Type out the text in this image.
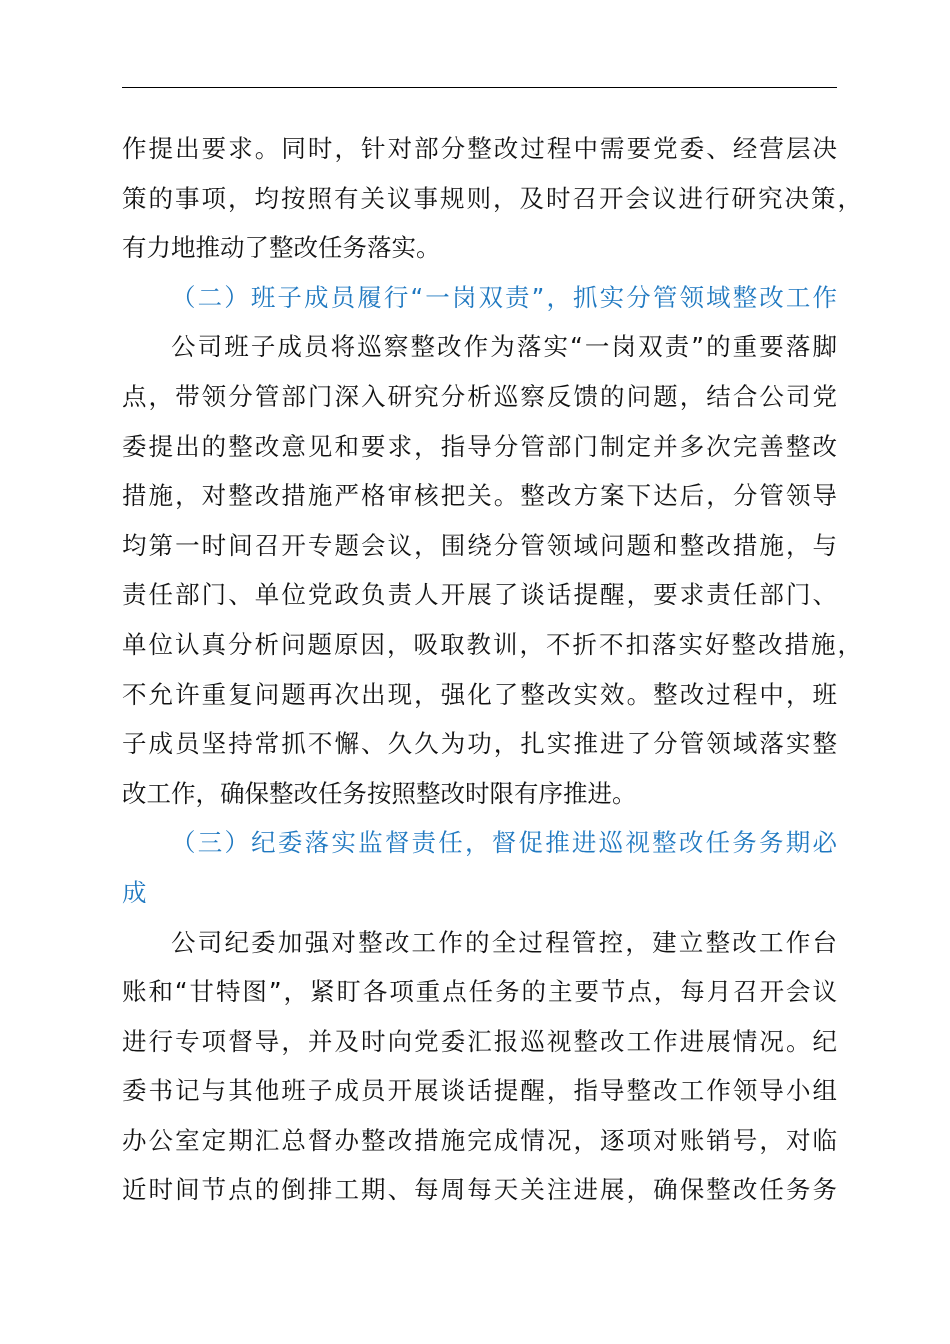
作提出要求。同时，针对部分整改过程中需要党委、经营层决
策的事项，均按照有关议事规则，及时召开会议进行研究决策，
有力地推动了整改任务落实。
（二）班子成员履行“一岗双责”，抓实分管领域整改工作
公司班子成员将巡察整改作为落实“一岗双责”的重要落脚
点，带领分管部门深入研究分析巡察反馈的问题，结合公司党
委提出的整改意见和要求，指导分管部门制定并多次完善整改
措施，对整改措施严格审核把关。整改方案下达后，分管领导
均第一时间召开专题会议，围绕分管领域问题和整改措施，与
责任部门、单位党政负责人开展了谈话提醒，要求责任部门、
单位认真分析问题原因，吸取教训，不折不扣落实好整改措施，
不允许重复问题再次出现，强化了整改实效。整改过程中，班
子成员坚持常抓不懈、久久为功，扎实推进了分管领域落实整
改工作，确保整改任务按照整改时限有序推进。
（三）纪委落实监督责任，督促推进巡视整改任务务期必
成
公司纪委加强对整改工作的全过程管控，建立整改工作台
账和“甘特图”，紧盯各项重点任务的主要节点，每月召开会议
进行专项督导，并及时向党委汇报巡视整改工作进展情况。纪
委书记与其他班子成员开展谈话提醒，指导整改工作领导小组
办公室定期汇总督办整改措施完成情况，逐项对账销号，对临
近时间节点的倒排工期、每周每天关注进展，确保整改任务务
